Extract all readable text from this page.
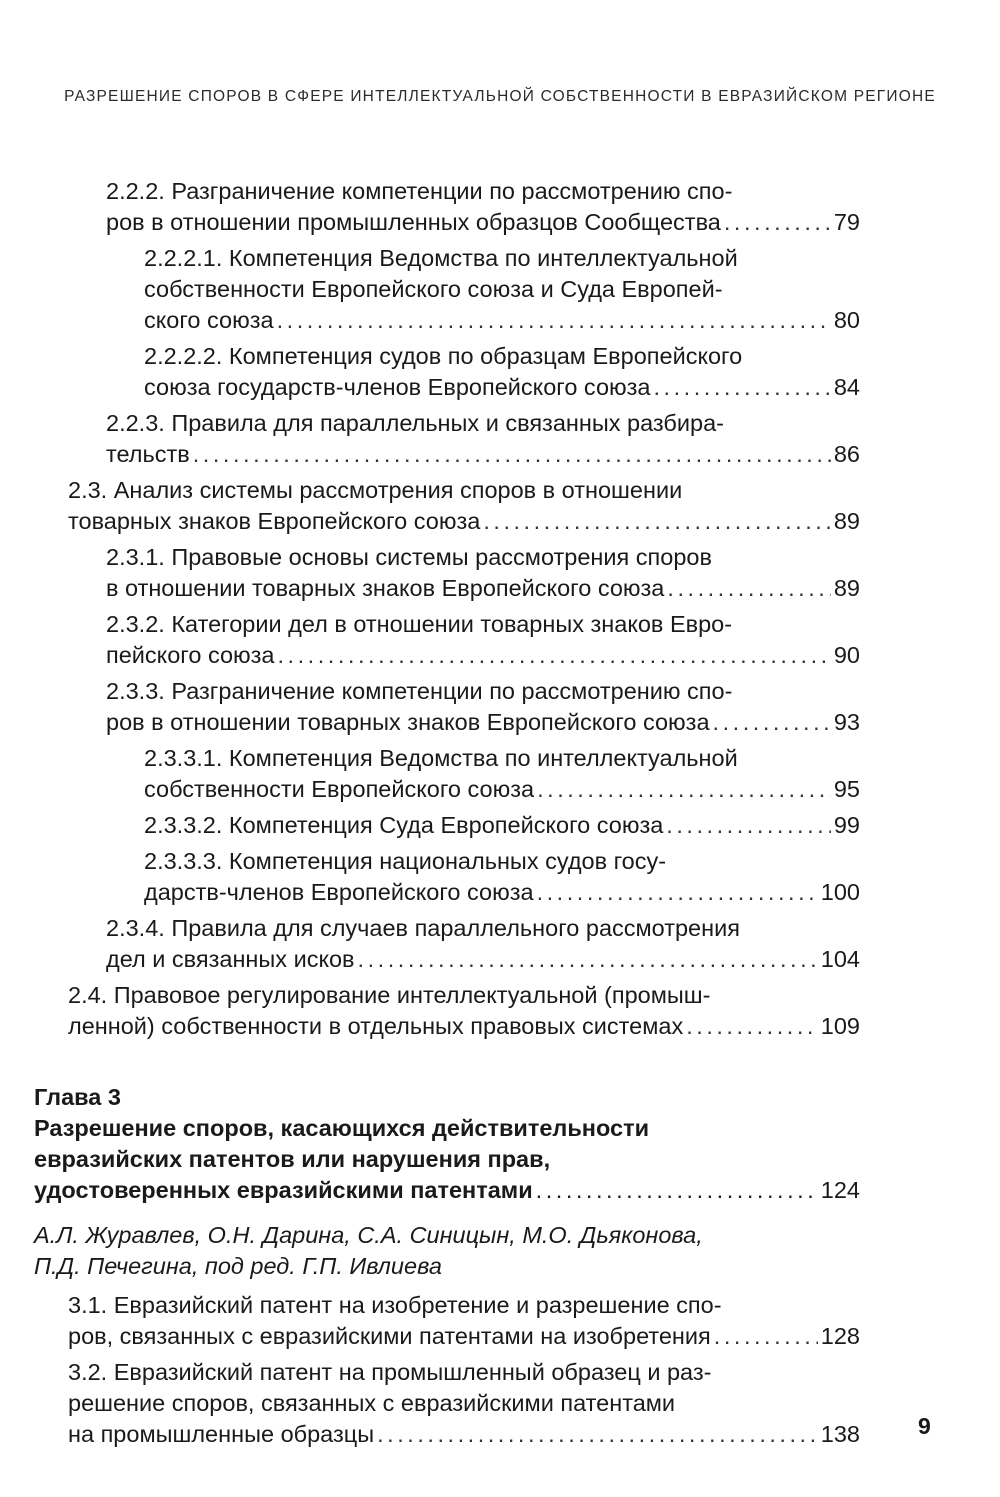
РАЗРЕШЕНИЕ СПОРОВ В СФЕРЕ ИНТЕЛЛЕКТУАЛЬНОЙ СОБСТВЕННОСТИ В ЕВРАЗИЙСКОМ РЕГИОНЕ
2.2.2. Разграничение компетенции по рассмотрению спо-
ров в отношении промышленных образцов Сообщества . . .	79
2.2.2.1. Компетенция Ведомства по интеллектуальной
собственности Европейского союза и Суда Европей-
ского союза . . .	80
2.2.2.2. Компетенция судов по образцам Европейского
союза государств-членов Европейского союза . . .	84
2.2.3. Правила для параллельных и связанных разбира-
тельств . . .	86
2.3. Анализ системы рассмотрения споров в отношении
товарных знаков Европейского союза . . .	89
2.3.1. Правовые основы системы рассмотрения споров
в отношении товарных знаков Европейского союза . . .	89
2.3.2. Категории дел в отношении товарных знаков Евро-
пейского союза . . .	90
2.3.3. Разграничение компетенции по рассмотрению спо-
ров в отношении товарных знаков Европейского союза . . .	93
2.3.3.1. Компетенция Ведомства по интеллектуальной
собственности Европейского союза . . .	95
2.3.3.2. Компетенция Суда Европейского союза . . .	99
2.3.3.3. Компетенция национальных судов госу-
дарств-членов Европейского союза . . .	100
2.3.4. Правила для случаев параллельного рассмотрения
дел и связанных исков . . .	104
2.4. Правовое регулирование интеллектуальной (промыш-
ленной) собственности в отдельных правовых системах . . .	109
Глава 3
Разрешение споров, касающихся действительности
евразийских патентов или нарушения прав,
удостоверенных евразийскими патентами . . .	124
А.Л. Журавлев, О.Н. Дарина, С.А. Синицын, М.О. Дьяконова,
П.Д. Печегина, под ред. Г.П. Ивлиева
3.1. Евразийский патент на изобретение и разрешение спо-
ров, связанных с евразийскими патентами на изобретения . . .	128
3.2. Евразийский патент на промышленный образец и раз-
решение споров, связанных с евразийскими патентами
на промышленные образцы . . .	138	9
